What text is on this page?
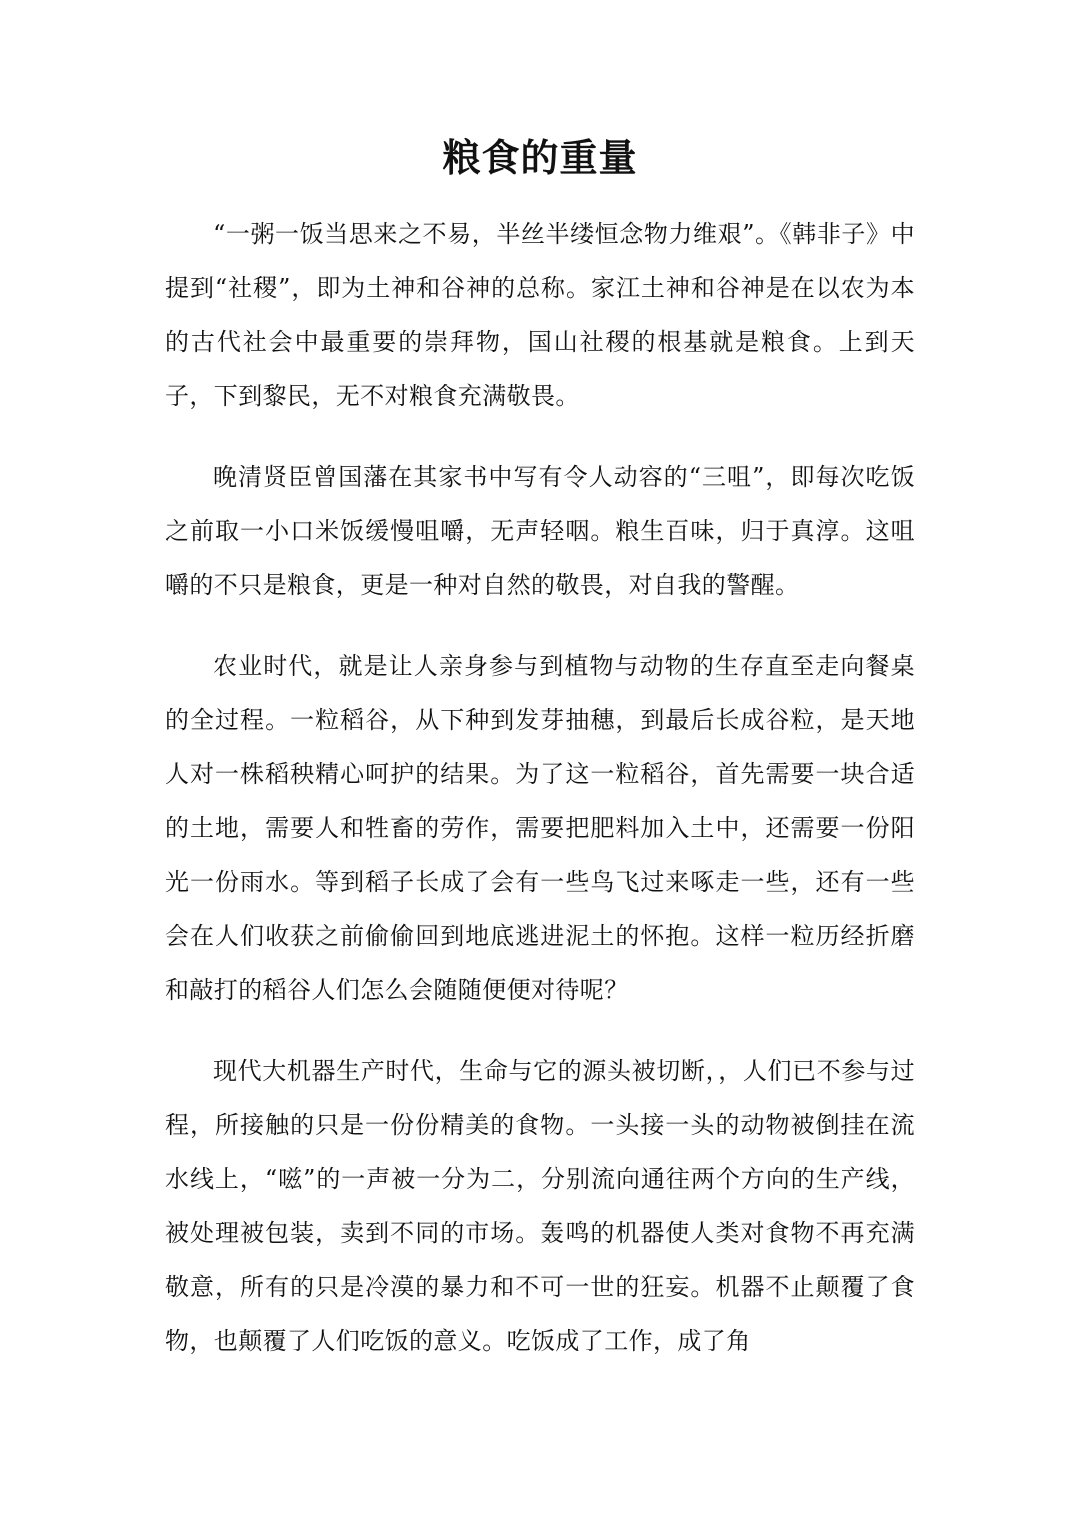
粮食的重量

“一粥一饭当思来之不易，半丝半缕恒念物力维艰”。《韩非子》中提到“社稷”，即为土神和谷神的总称。家江土神和谷神是在以农为本的古代社会中最重要的崇拜物，国山社稷的根基就是粮食。上到天子，下到黎民，无不对粮食充满敬畏。

晚清贤臣曾国藩在其家书中写有令人动容的“三咀”，即每次吃饭之前取一小口米饭缓慢咀嚼，无声轻咽。粮生百味，归于真淳。这咀嚼的不只是粮食，更是一种对自然的敬畏，对自我的警醒。

农业时代，就是让人亲身参与到植物与动物的生存直至走向餐桌的全过程。一粒稻谷，从下种到发芽抽穗，到最后长成谷粒，是天地人对一株稻秧精心呵护的结果。为了这一粒稻谷，首先需要一块合适的土地，需要人和牲畜的劳作，需要把肥料加入土中，还需要一份阳光一份雨水。等到稻子长成了会有一些鸟飞过来啄走一些，还有一些会在人们收获之前偷偷回到地底逃进泥土的怀抱。这样一粒历经折磨和敲打的稻谷人们怎么会随随便便对待呢？

现代大机器生产时代，生命与它的源头被切断，，人们已不参与过程，所接触的只是一份份精美的食物。一头接一头的动物被倒挂在流水线上，“嗞”的一声被一分为二，分别流向通往两个方向的生产线，被处理被包装，卖到不同的市场。轰鸣的机器使人类对食物不再充满敬意，所有的只是冷漠的暴力和不可一世的狂妄。机器不止颠覆了食物，也颠覆了人们吃饭的意义。吃饭成了工作，成了角
